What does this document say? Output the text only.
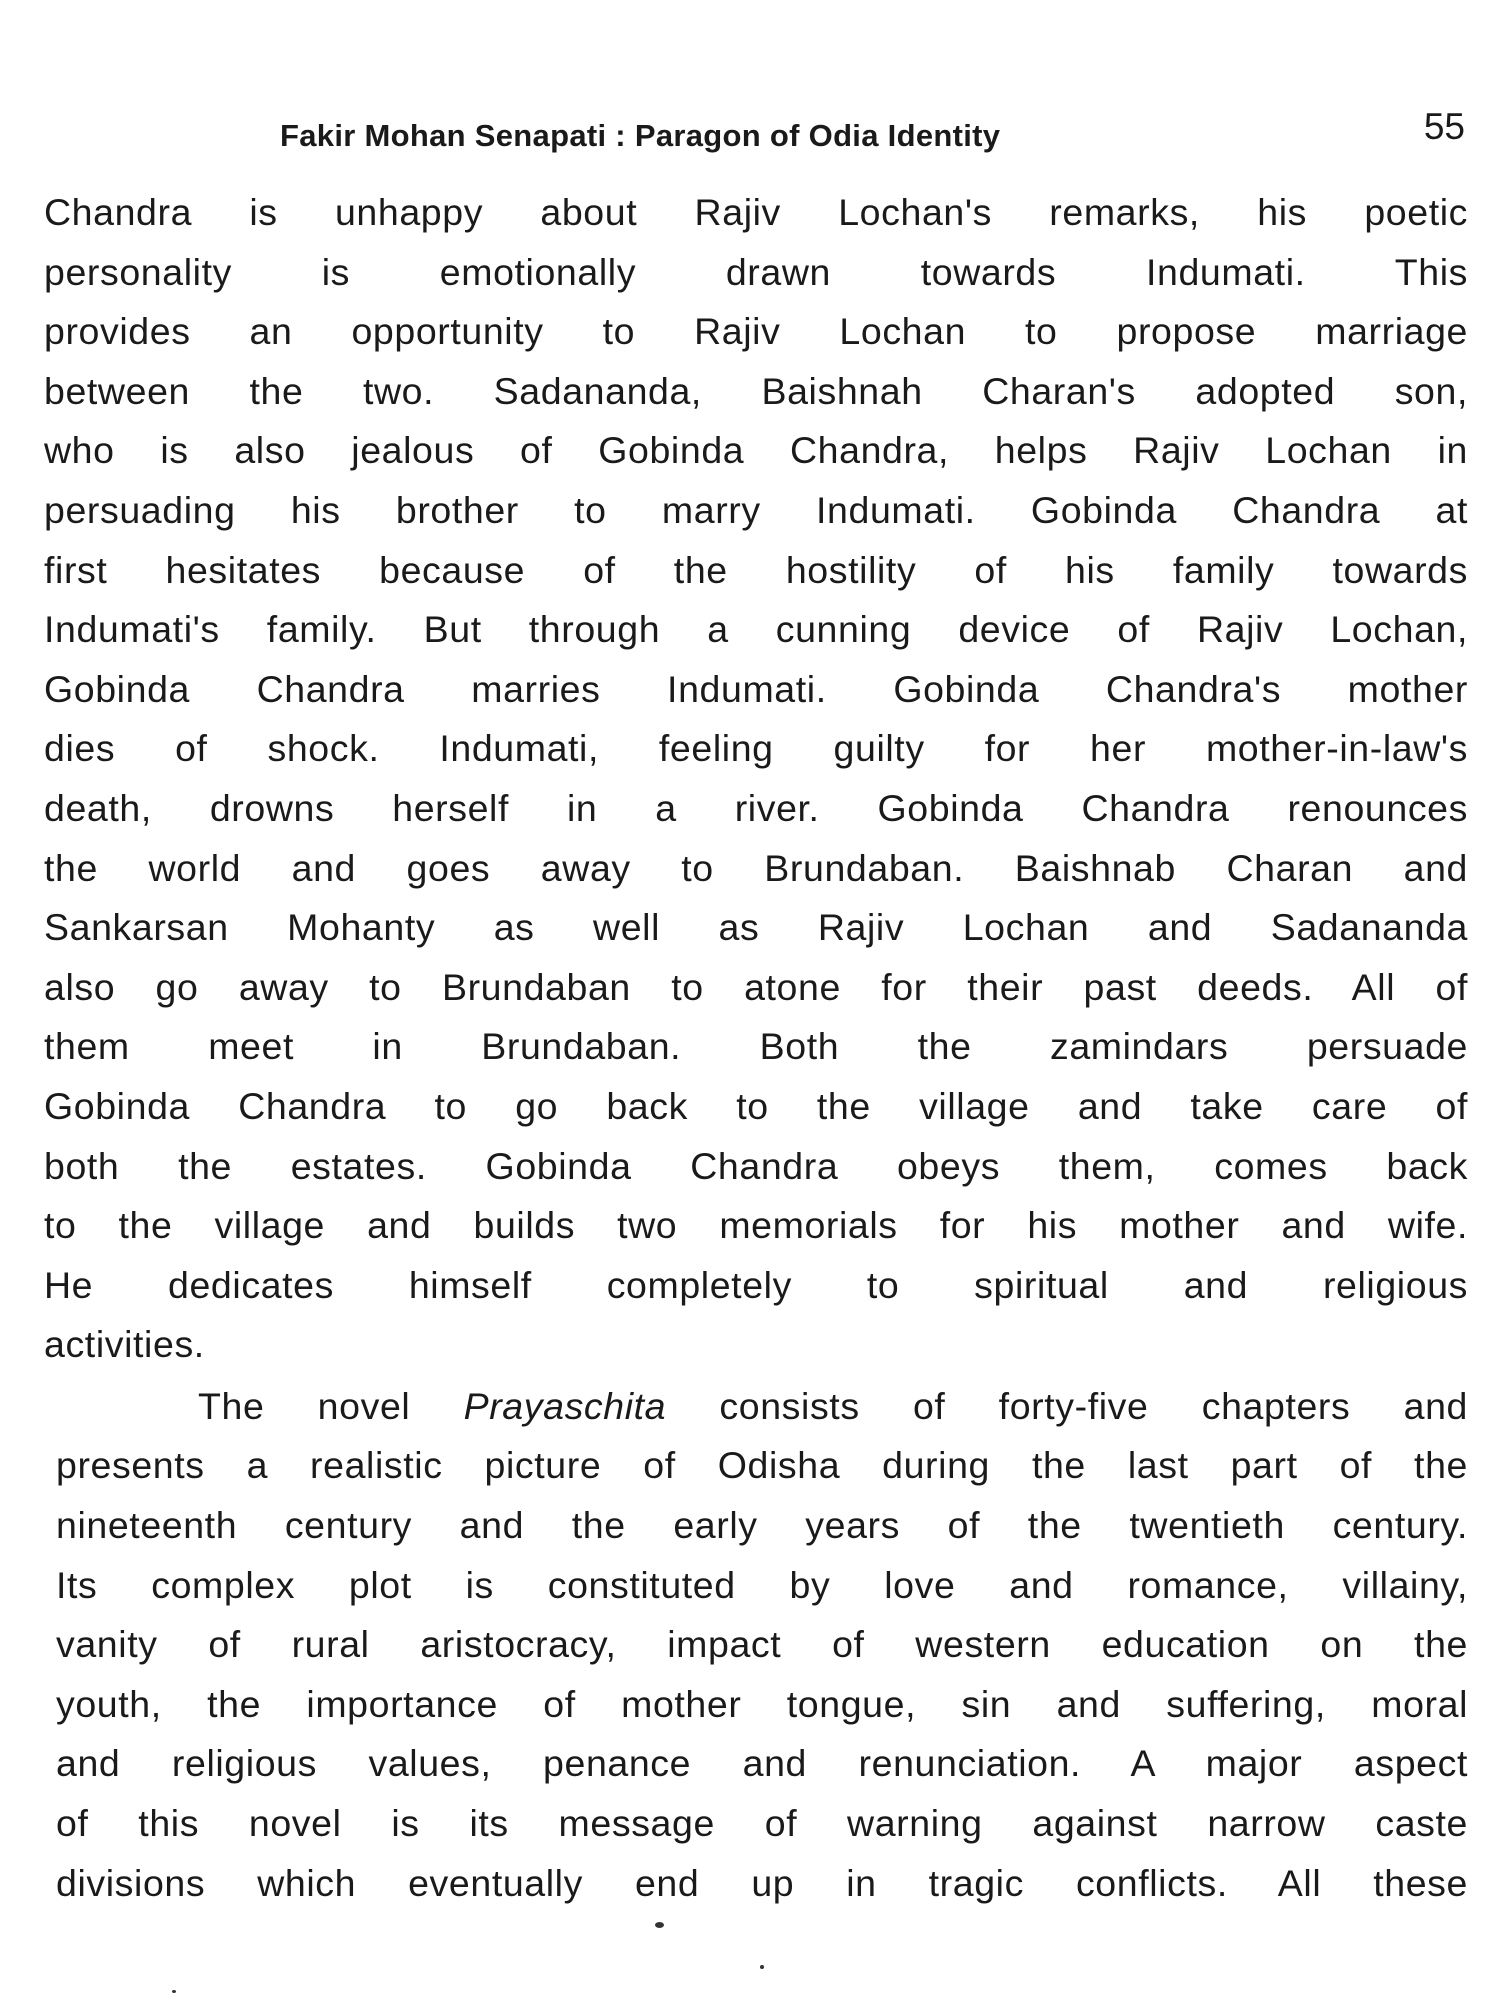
Fakir Mohan Senapati : Paragon of Odia Identity	55
Chandra is unhappy about Rajiv Lochan's remarks, his poetic
personality is emotionally drawn towards Indumati. This
provides an opportunity to Rajiv Lochan to propose marriage
between the two. Sadananda, Baishnah Charan's adopted son,
who is also jealous of Gobinda Chandra, helps Rajiv Lochan in
persuading his brother to marry Indumati. Gobinda Chandra at
first hesitates because of the hostility of his family towards
Indumati's family. But through a cunning device of Rajiv Lochan,
Gobinda Chandra marries Indumati. Gobinda Chandra's mother
dies of shock. Indumati, feeling guilty for her mother-in-law's
death, drowns herself in a river. Gobinda Chandra renounces
the world and goes away to Brundaban. Baishnab Charan and
Sankarsan Mohanty as well as Rajiv Lochan and Sadananda
also go away to Brundaban to atone for their past deeds. All of
them meet in Brundaban. Both the zamindars persuade
Gobinda Chandra to go back to the village and take care of
both the estates. Gobinda Chandra obeys them, comes back
to the village and builds two memorials for his mother and wife.
He dedicates himself completely to spiritual and religious
activities.
The novel Prayaschita consists of forty-five chapters and
presents a realistic picture of Odisha during the last part of the
nineteenth century and the early years of the twentieth century.
Its complex plot is constituted by love and romance, villainy,
vanity of rural aristocracy, impact of western education on the
youth, the importance of mother tongue, sin and suffering, moral
and religious values, penance and renunciation. A major aspect
of this novel is its message of warning against narrow caste
divisions which eventually end up in tragic conflicts. All these
